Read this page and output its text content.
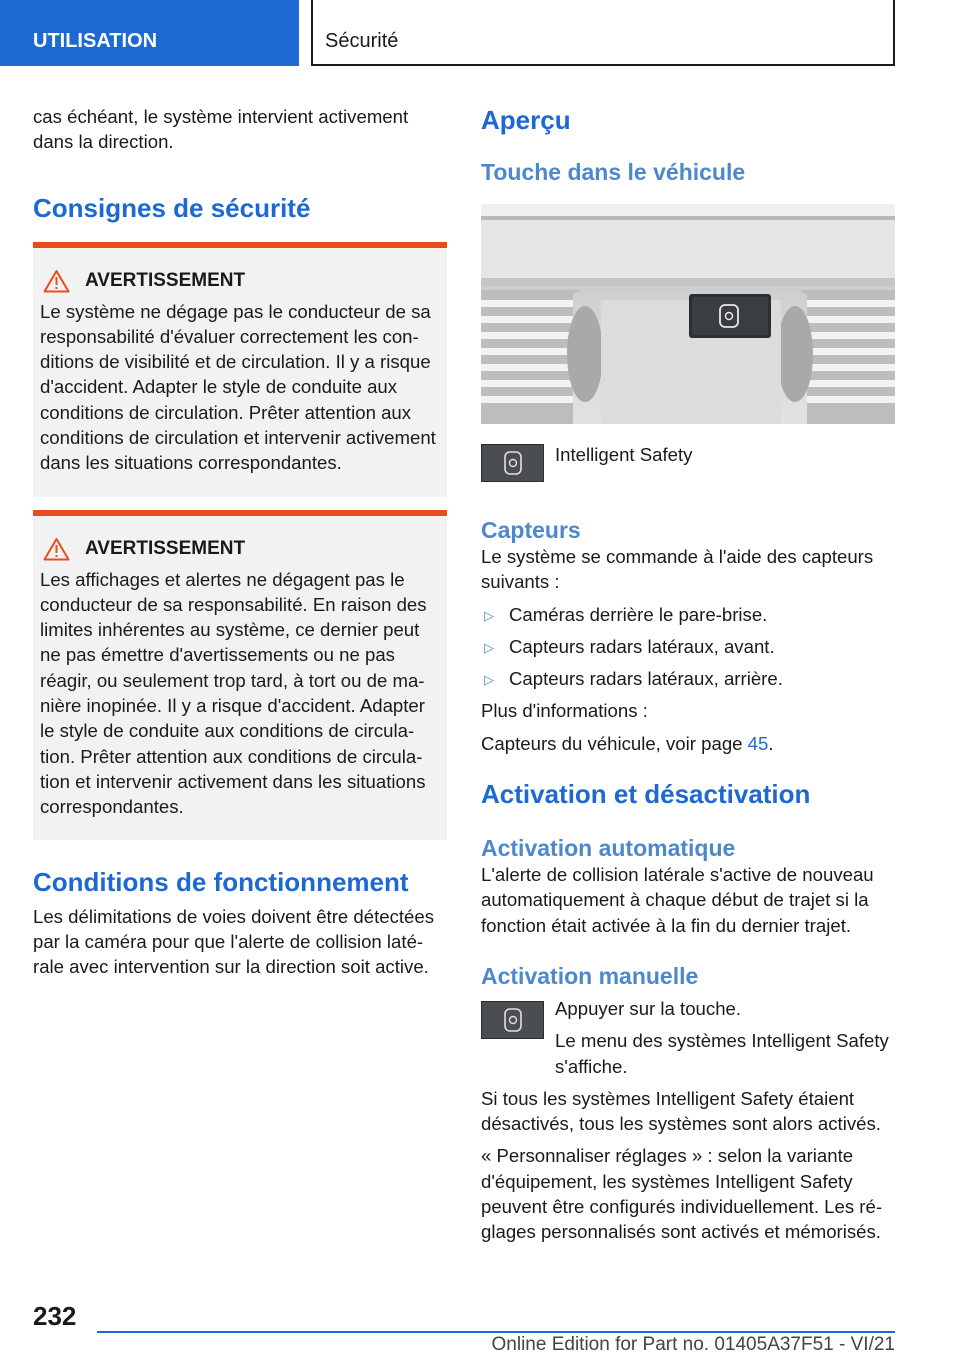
UTILISATION	Sécurité

cas échéant, le système intervient activement dans la direction.

Consignes de sécurité
AVERTISSEMENT

Le système ne dégage pas le conducteur de sa responsabilité d'évaluer correctement les conditions de visibilité et de circulation. Il y a risque d'accident. Adapter le style de conduite aux conditions de circulation. Prêter attention aux conditions de circulation et intervenir activement dans les situations correspondantes.

AVERTISSEMENT

Les affichages et alertes ne dégagent pas le conducteur de sa responsabilité. En raison des limites inhérentes au système, ce dernier peut ne pas émettre d'avertissements ou ne pas réagir, ou seulement trop tard, à tort ou de manière inopinée. Il y a risque d'accident. Adapter le style de conduite aux conditions de circulation. Prêter attention aux conditions de circulation et intervenir activement dans les situations correspondantes.

Conditions de fonctionnement

Les délimitations de voies doivent être détectées par la caméra pour que l'alerte de collision latérale avec intervention sur la direction soit active.

Aperçu
Touche dans le véhicule

Intelligent Safety

Capteurs

Le système se commande à l'aide des capteurs suivants :

▷ Caméras derrière le pare-brise.
▷ Capteurs radars latéraux, avant.
▷ Capteurs radars latéraux, arrière.

Plus d'informations :

Capteurs du véhicule, voir page 45.

Activation et désactivation
Activation automatique

L'alerte de collision latérale s'active de nouveau automatiquement à chaque début de trajet si la fonction était activée à la fin du dernier trajet.

Activation manuelle

Appuyer sur la touche.

Le menu des systèmes Intelligent Safety s'affiche.

Si tous les systèmes Intelligent Safety étaient désactivés, tous les systèmes sont alors activés.

« Personnaliser réglages » : selon la variante d'équipement, les systèmes Intelligent Safety peuvent être configurés individuellement. Les réglages personnalisés sont activés et mémorisés.

232
Online Edition for Part no. 01405A37F51 - VI/21
